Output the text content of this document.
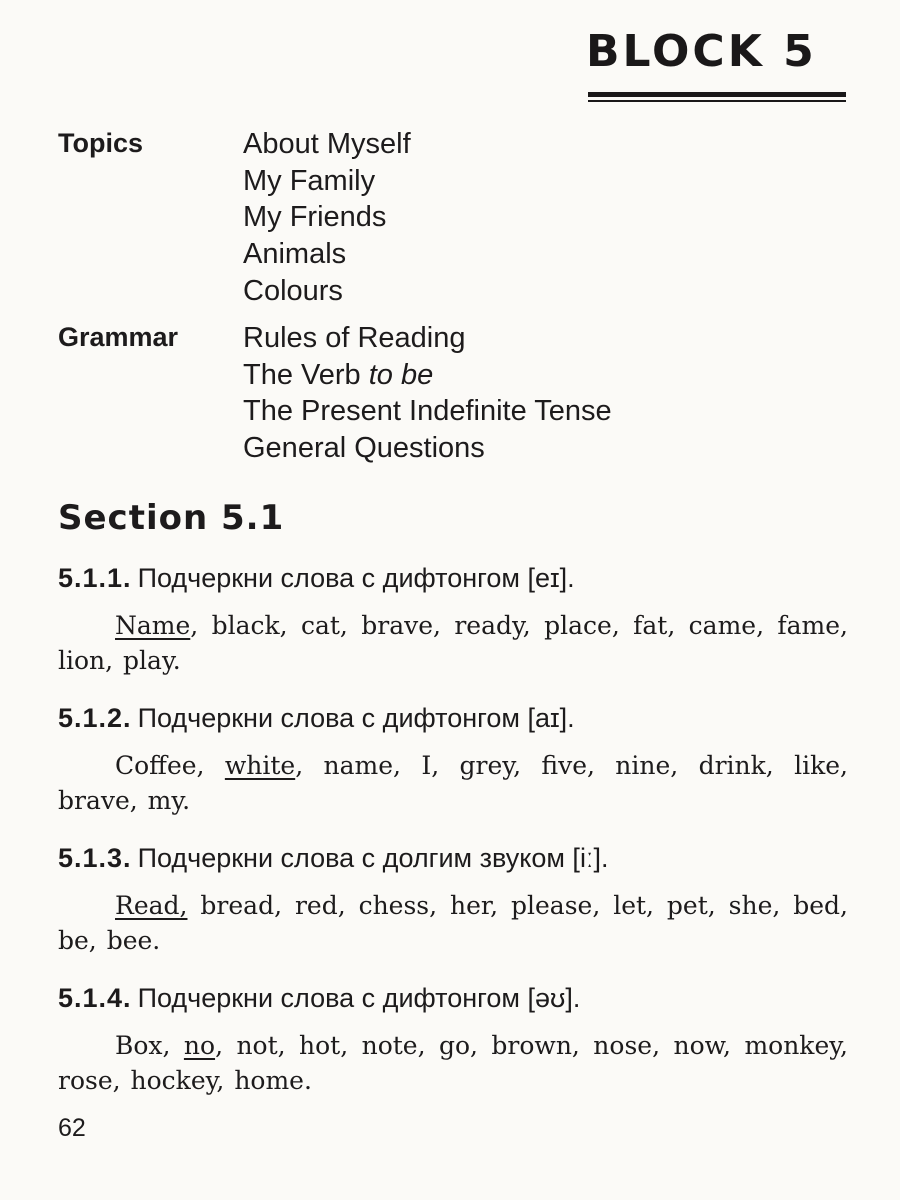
BLOCK 5
Topics	About Myself
My Family
My Friends
Animals
Colours
Grammar Rules of Reading
The Verb to be
The Present Indefinite Tense
General Questions
Section 5.1
5.1.1. Подчеркни слова с дифтонгом [eɪ].
Name, black, cat, brave, ready, place, fat, came, fame, lion, play.
5.1.2. Подчеркни слова с дифтонгом [aɪ].
Coffee, white, name, I, grey, five, nine, drink, like, brave, my.
5.1.3. Подчеркни слова с долгим звуком [iː].
Read, bread, red, chess, her, please, let, pet, she, bed, be, bee.
5.1.4. Подчеркни слова с дифтонгом [əʊ].
Box, no, not, hot, note, go, brown, nose, now, monkey, rose, hockey, home.
62
